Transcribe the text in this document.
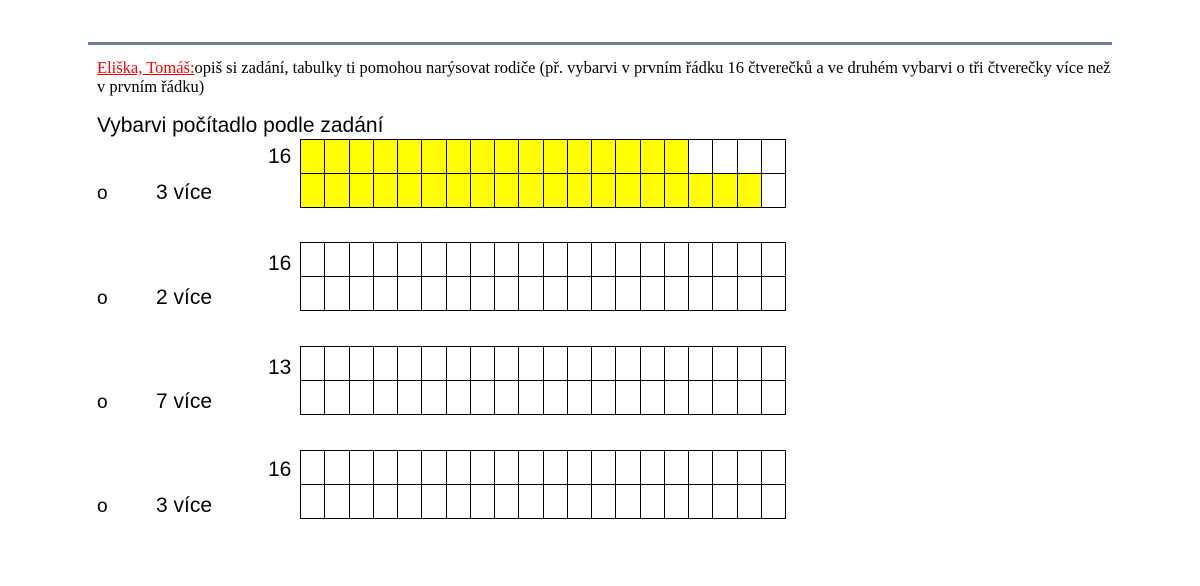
Eliška, Tomáš:opiš si zadání, tabulky ti pomohou narýsovat rodiče (př. vybarvi v prvním řádku 16 čtverečků a ve druhém vybarvi o tři čtverečky více než v prvním řádku)
Vybarvi počítadlo podle zadání
16
o 3 více
16
o 2 více
13
o 7 více
16
o 3 více
